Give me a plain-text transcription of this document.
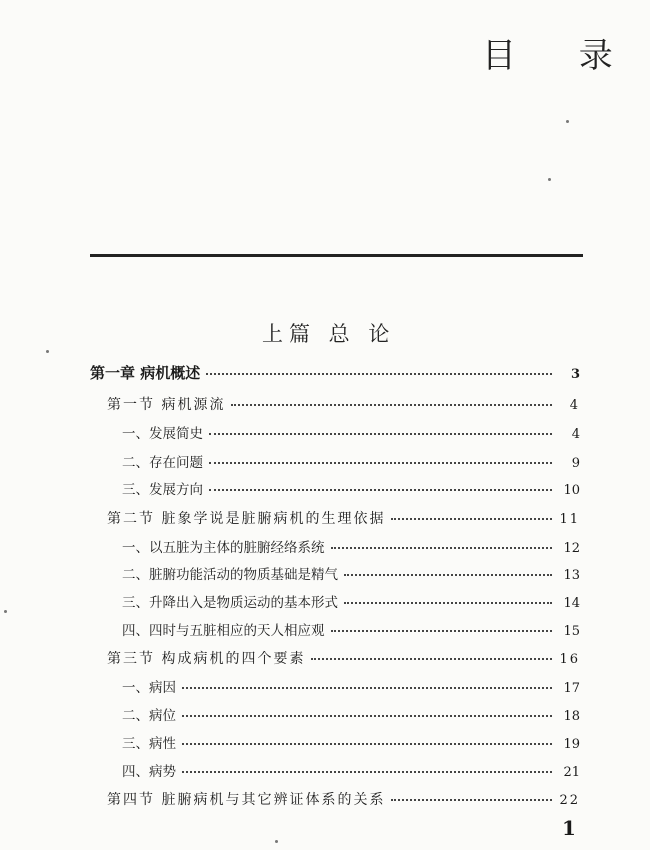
目 录
上篇 总 论
第一章 病机概述	3
第一节 病机源流	4
一、发展简史	4
二、存在问题	9
三、发展方向	10
第二节 脏象学说是脏腑病机的生理依据	11
一、以五脏为主体的脏腑经络系统	12
二、脏腑功能活动的物质基础是精气	13
三、升降出入是物质运动的基本形式	14
四、四时与五脏相应的天人相应观	15
第三节 构成病机的四个要素	16
一、病因	17
二、病位	18
三、病性	19
四、病势	21
第四节 脏腑病机与其它辨证体系的关系	22
1
